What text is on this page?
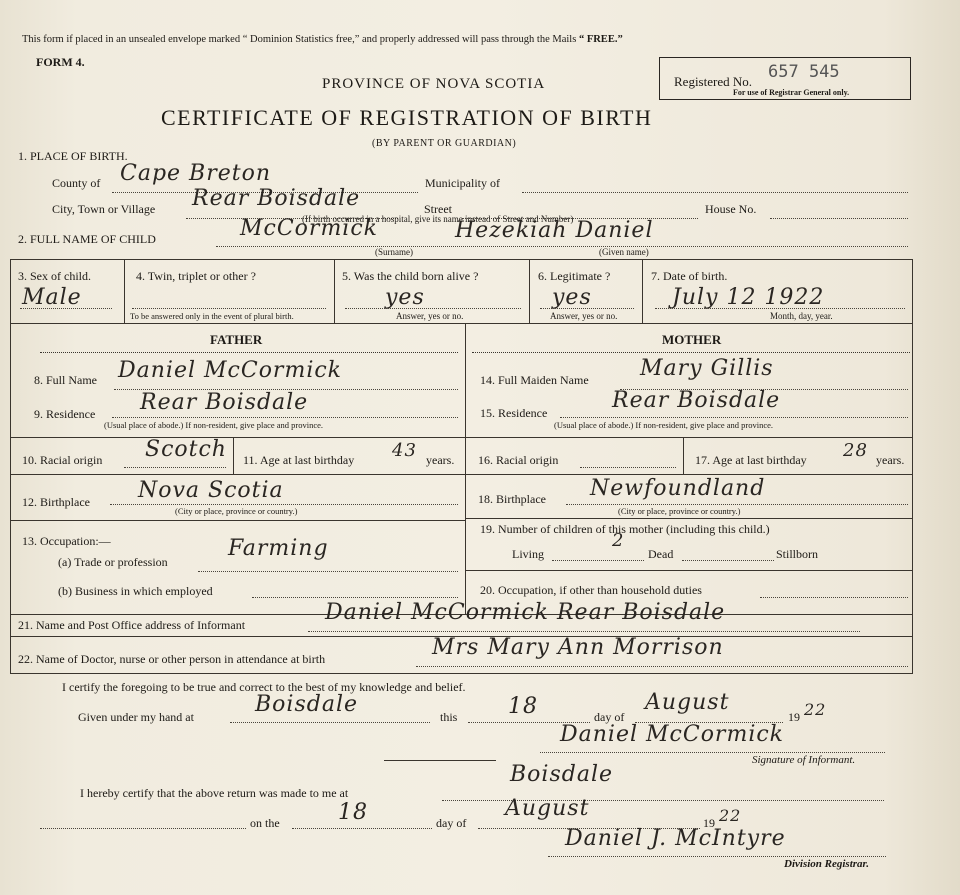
This form if placed in an unsealed envelope marked “ Dominion Statistics free,” and properly addressed will pass through the Mails “ FREE.”
FORM 4.
PROVINCE OF NOVA SCOTIA
CERTIFICATE OF REGISTRATION OF BIRTH
(BY PARENT OR GUARDIAN)
Registered No. 657 545
For use of Registrar General only.
1. PLACE OF BIRTH.
County of Cape Breton	Municipality of
City, Town or Village Rear Boisdale	Street	House No.
(If birth occurred in a hospital, give its name instead of Street and Number)
2. FULL NAME OF CHILD	McCormick	Hezekiah Daniel
(Surname)	(Given name)
3. Sex of child.
Male
4. Twin, triplet or other ?
To be answered only in the event of plural birth.
5. Was the child born alive ?
yes
Answer, yes or no.
6. Legitimate ?
yes
Answer, yes or no.
7. Date of birth.
July 12 1922
Month, day, year.
FATHER
8. Full Name Daniel McCormick
9. Residence Rear Boisdale
(Usual place of abode.) If non-resident, give place and province.
10. Racial origin Scotch 11. Age at last birthday 43 years.
12. Birthplace Nova Scotia
(City or place, province or country.)
13. Occupation:—
(a) Trade or profession
Farming
(b) Business in which employed
MOTHER
14. Full Maiden Name Mary Gillis
15. Residence	Rear Boisdale
(Usual place of abode.) If non-resident, give place and province.
16. Racial origin	17. Age at last birthday 28 years.
18. Birthplace Newfoundland
(City or place, province or country.)
19. Number of children of this mother (including this child.)
Living
2
Dead	Stillborn
20. Occupation, if other than household duties
21. Name and Post Office address of Informant	Daniel McCormick Rear Boisdale
22. Name of Doctor, nurse or other person in attendance at birth	Mrs Mary Ann Morrison
I certify the foregoing to be true and correct to the best of my knowledge and belief.
Given under my hand at	Boisdale	this 18	day of
August
19 22
Daniel McCormick
Signature of Informant.
I hereby certify that the above return was made to me at
Boisdale
on the	18	day of
August
19 22
Daniel J. McIntyre
Division Registrar.
